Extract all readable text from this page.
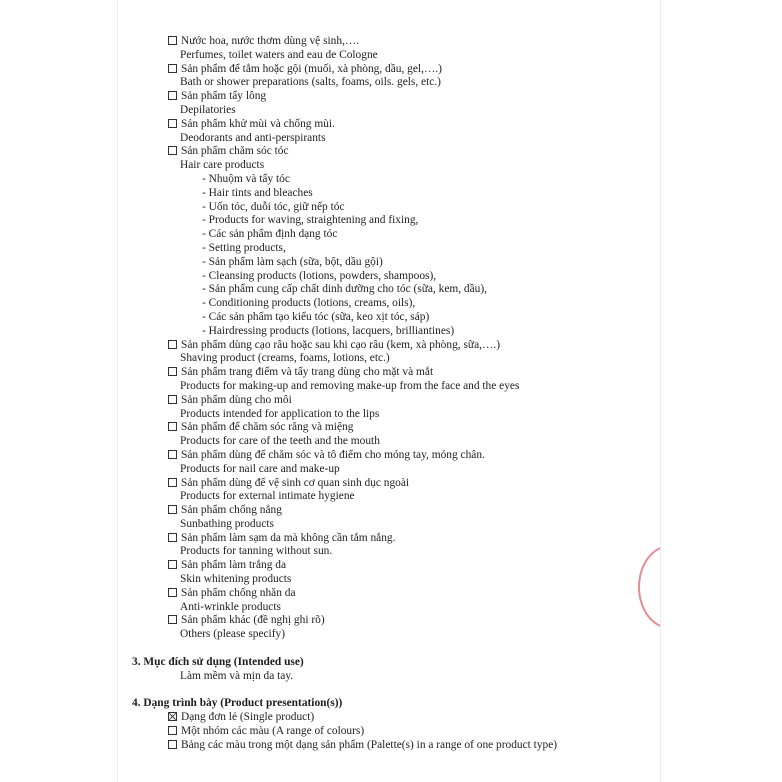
Nước hoa, nước thơm dùng vệ sinh,….
Perfumes, toilet waters and eau de Cologne
Sản phẩm để tắm hoặc gội (muối, xà phòng, dầu, gel,….)
Bath or shower preparations (salts, foams, oils. gels, etc.)
Sản phẩm tẩy lông
Depilatories
Sản phẩm khử mùi và chống mùi.
Deodorants and anti-perspirants
Sản phẩm chăm sóc tóc
Hair care products
- Nhuộm và tẩy tóc
- Hair tints and bleaches
- Uốn tóc, duỗi tóc, giữ nếp tóc
- Products for waving, straightening and fixing,
- Các sản phẩm định dạng tóc
- Setting products,
- Sản phẩm làm sạch (sữa, bột, dầu gội)
- Cleansing products (lotions, powders, shampoos),
- Sản phẩm cung cấp chất dinh dưỡng cho tóc (sữa, kem, dầu),
- Conditioning products (lotions, creams, oils),
- Các sản phẩm tạo kiểu tóc (sữa, keo xịt tóc, sáp)
- Hairdressing products (lotions, lacquers, brilliantines)
Sản phẩm dùng cạo râu hoặc sau khi cạo râu (kem, xà phòng, sữa,….)
Shaving product (creams, foams, lotions, etc.)
Sản phẩm trang điểm và tẩy trang dùng cho mặt và mắt
Products for making-up and removing make-up from the face and the eyes
Sản phẩm dùng cho môi
Products intended for application to the lips
Sản phẩm để chăm sóc răng và miệng
Products for care of the teeth and the mouth
Sản phẩm dùng để chăm sóc và tô điểm cho móng tay, móng chân.
Products for nail care and make-up
Sản phẩm dùng để vệ sinh cơ quan sinh dục ngoài
Products for external intimate hygiene
Sản phẩm chống nắng
Sunbathing products
Sản phẩm làm sạm da mà không cần tắm nắng.
Products for tanning without sun.
Sản phẩm làm trắng da
Skin whitening products
Sản phẩm chống nhăn da
Anti-wrinkle products
Sản phẩm khác (đề nghị ghi rõ)
Others (please specify)
3. Mục đích sử dụng (Intended use)
Làm mềm và mịn da tay.
4. Dạng trình bày (Product presentation(s))
Dạng đơn lẻ (Single product)
Một nhóm các màu (A range of colours)
Bảng các màu trong một dạng sản phẩm (Palette(s) in a range of one product type)
